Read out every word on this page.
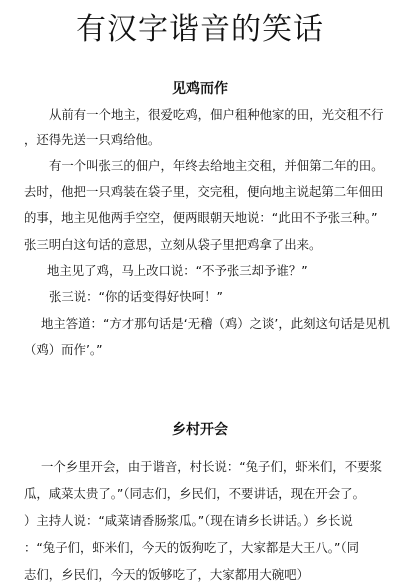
有汉字谐音的笑话
见鸡而作

从前有一个地主，很爱吃鸡，佃户租种他家的田，光交租不行

，还得先送一只鸡给他。

有一个叫张三的佃户，年终去给地主交租，并佃第二年的田。

去时，他把一只鸡装在袋子里，交完租，便向地主说起第二年佃田

的事，地主见他两手空空，便两眼朝天地说：“此田不予张三种。”

张三明白这句话的意思，立刻从袋子里把鸡拿了出来。

地主见了鸡，马上改口说：“不予张三却予谁？”

张三说：“你的话变得好快呵！”

地主答道：“方才那句话是‘无稽（鸡）之谈’，此刻这句话是见机

（鸡）而作’。”

乡村开会

一个乡里开会，由于谐音，村长说：“兔子们，虾米们，不要浆

瓜，咸菜太贵了。”（同志们，乡民们，不要讲话，现在开会了。

）主持人说：“咸菜请香肠浆瓜。”（现在请乡长讲话。）乡长说

：“兔子们，虾米们，今天的饭狗吃了，大家都是大王八。”（同

志们，乡民们，今天的饭够吃了，大家都用大碗吧）
